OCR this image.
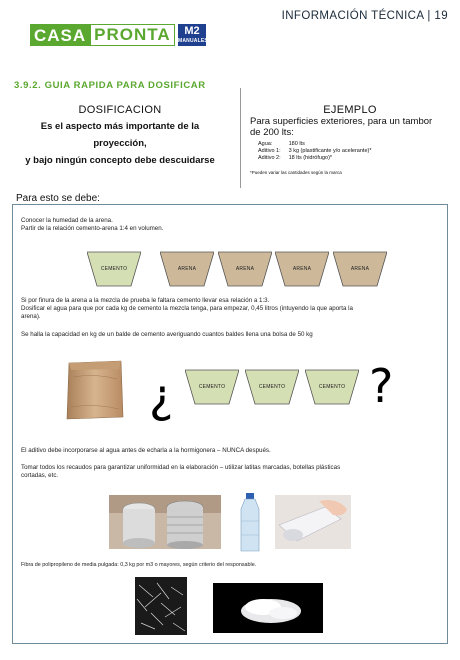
CASA PRONTA	M2
MANUALES
INFORMACIÓN TÉCNICA | 19
3.9.2. GUIA RAPIDA PARA DOSIFICAR
DOSIFICACION
Es el aspecto más importante de la
proyección,
y bajo ningún concepto debe descuidarse
EJEMPLO
Para superficies exteriores, para un tambor
de 200 lts:
Agua:	180 lts
Aditivo 1:	3 kg (plastificante y/o acelerante)*
Aditivo 2:	18 lts (hidrófugo)*
*Pueden variar las cantidades según la marca
Para esto se debe:
Conocer la humedad de la arena.
Partir de la relación cemento-arena 1:4 en volumen.
CEMENTO	ARENA	ARENA	ARENA	ARENA
Si por finura de la arena a la mezcla de prueba le faltara cemento llevar esa relación a 1:3.
Dosificar el agua para que por cada kg de cemento la mezcla tenga, para empezar, 0,45 litros (intuyendo la que aporta la
arena).
Se halla la capacidad en kg de un balde de cemento averiguando cuantos baldes llena una bolsa de 50 kg
¿	CEMENTO	CEMENTO	CEMENTO ?
El aditivo debe incorporarse al agua antes de echarla a la hormigonera – NUNCA después.
Tomar todos los recaudos para garantizar uniformidad en la elaboración – utilizar latitas marcadas, botellas plásticas
cortadas, etc.
Fibra de polipropileno de media pulgada: 0,3 kg por m3 o mayores, según criterio del responsable.
